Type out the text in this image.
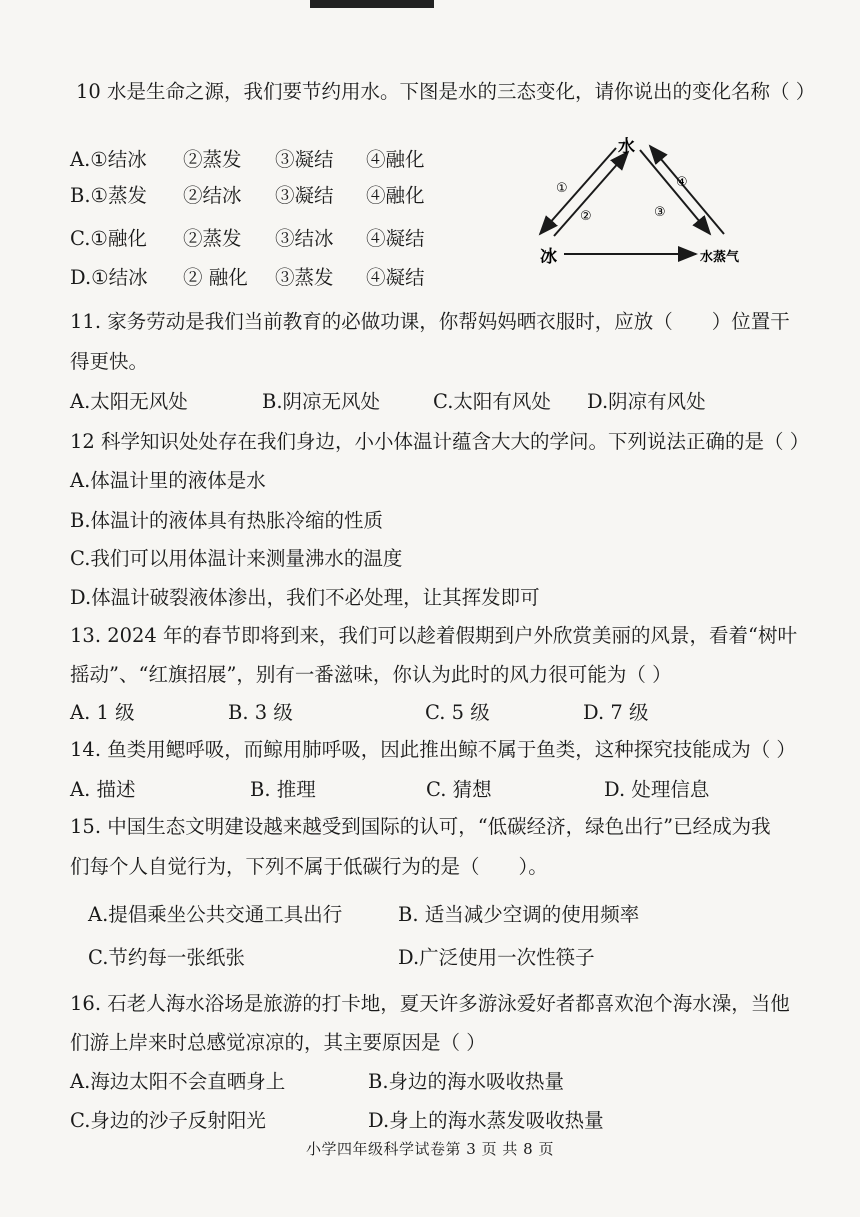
10 水是生命之源，我们要节约用水。下图是水的三态变化，请你说出的变化名称（ ）
A.①结冰 ②蒸发 ③凝结 ④融化
B.①蒸发 ②结冰 ③凝结 ④融化
C.①融化 ②蒸发 ③结冰 ④凝结
D.①结冰 ② 融化 ③蒸发 ④凝结
水
冰	水蒸气
①
②	③
④
11. 家务劳动是我们当前教育的必做功课，你帮妈妈晒衣服时，应放（　　）位置干
得更快。
A.太阳无风处	B.阴凉无风处	C.太阳有风处 D.阴凉有风处
12 科学知识处处存在我们身边，小小体温计蕴含大大的学问。下列说法正确的是（ ）
A.体温计里的液体是水
B.体温计的液体具有热胀冷缩的性质
C.我们可以用体温计来测量沸水的温度
D.体温计破裂液体渗出，我们不必处理，让其挥发即可
13. 2024 年的春节即将到来，我们可以趁着假期到户外欣赏美丽的风景，看着“树叶
摇动”、“红旗招展”，别有一番滋味，你认为此时的风力很可能为（ ）
A. 1 级	B. 3 级	C. 5 级	D. 7 级
14. 鱼类用鳃呼吸，而鲸用肺呼吸，因此推出鲸不属于鱼类，这种探究技能成为（ ）
A. 描述	B. 推理	C. 猜想	D. 处理信息
15. 中国生态文明建设越来越受到国际的认可，“低碳经济，绿色出行”已经成为我
们每个人自觉行为，下列不属于低碳行为的是（　　）。
A.提倡乘坐公共交通工具出行	B. 适当减少空调的使用频率
C.节约每一张纸张	D.广泛使用一次性筷子
16. 石老人海水浴场是旅游的打卡地，夏天许多游泳爱好者都喜欢泡个海水澡，当他
们游上岸来时总感觉凉凉的，其主要原因是（ ）
A.海边太阳不会直晒身上	B.身边的海水吸收热量
C.身边的沙子反射阳光	D.身上的海水蒸发吸收热量
小学四年级科学试卷第 3 页 共 8 页
